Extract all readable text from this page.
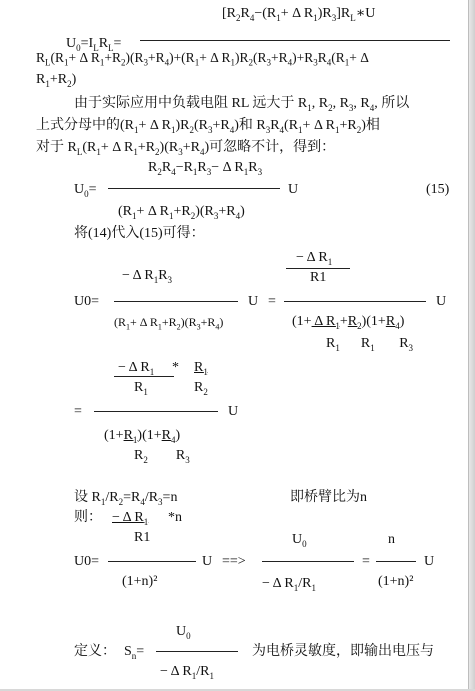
$U_0=I_LR_L=$
[$R_2R_4-(R_1+ \Delta$ $R_1)R_3]R_L∗U$
$R_L(R_1+ \Delta$ $R_1+R_2)(R_3+R_4)+(R_1+ \Delta$ $R_1)R_2(R_3+R_4)+R_3R_4(R_1+ \Delta$
$R_1+R_2$)
由于实际应用中负载电阻 RL 远大于 $R_1$, $R_2$, $R_3$, $R_4$, 所以
上式分母中的($R_1+ \Delta$ $R_1)R_2(R_3+R_4)$和 $R_3R_4(R_1+ \Delta$ $R_1+R_2$)相
对于 $R_L(R_1+ \Delta$ $R_1+R_2)(R_3+R_4)$可忽略不计，得到：
$R_2R_4-R_1R_3- \Delta$ $R_1R_3$
$U_0=$	U	(15)
($R_1+ \Delta$ $R_1+R_2)(R_3+R_4)$
将(14)代入(15)可得：
− Δ $R_1$
R1
− Δ $R_1R_3$
U0=	U =	U
($R_1+ \Delta$ $R_1+R_2)(R_3+R_4)$	(1+ Δ $R_1+R_2)(1+R_4)$
$R_1$      $R_1$       $R_3$
− Δ $R_1$
$R_1$
* $R_1$
$R_2$
=	U
$(1+R_1)(1+R_4)$
$R_2$        $R_3$
设 $R_1/R_2=R_4/R_3=n$	即桥臂比为n
则： − Δ $R_1$ *n
R1	$U_0$	n
U0=	U ==>	=	U
(1+n)²	− Δ $R_1/R_1$	(1+n)²
$U_0$
定义： $S_n=$	为电桥灵敏度，即输出电压与
− Δ $R_1/R_1$
